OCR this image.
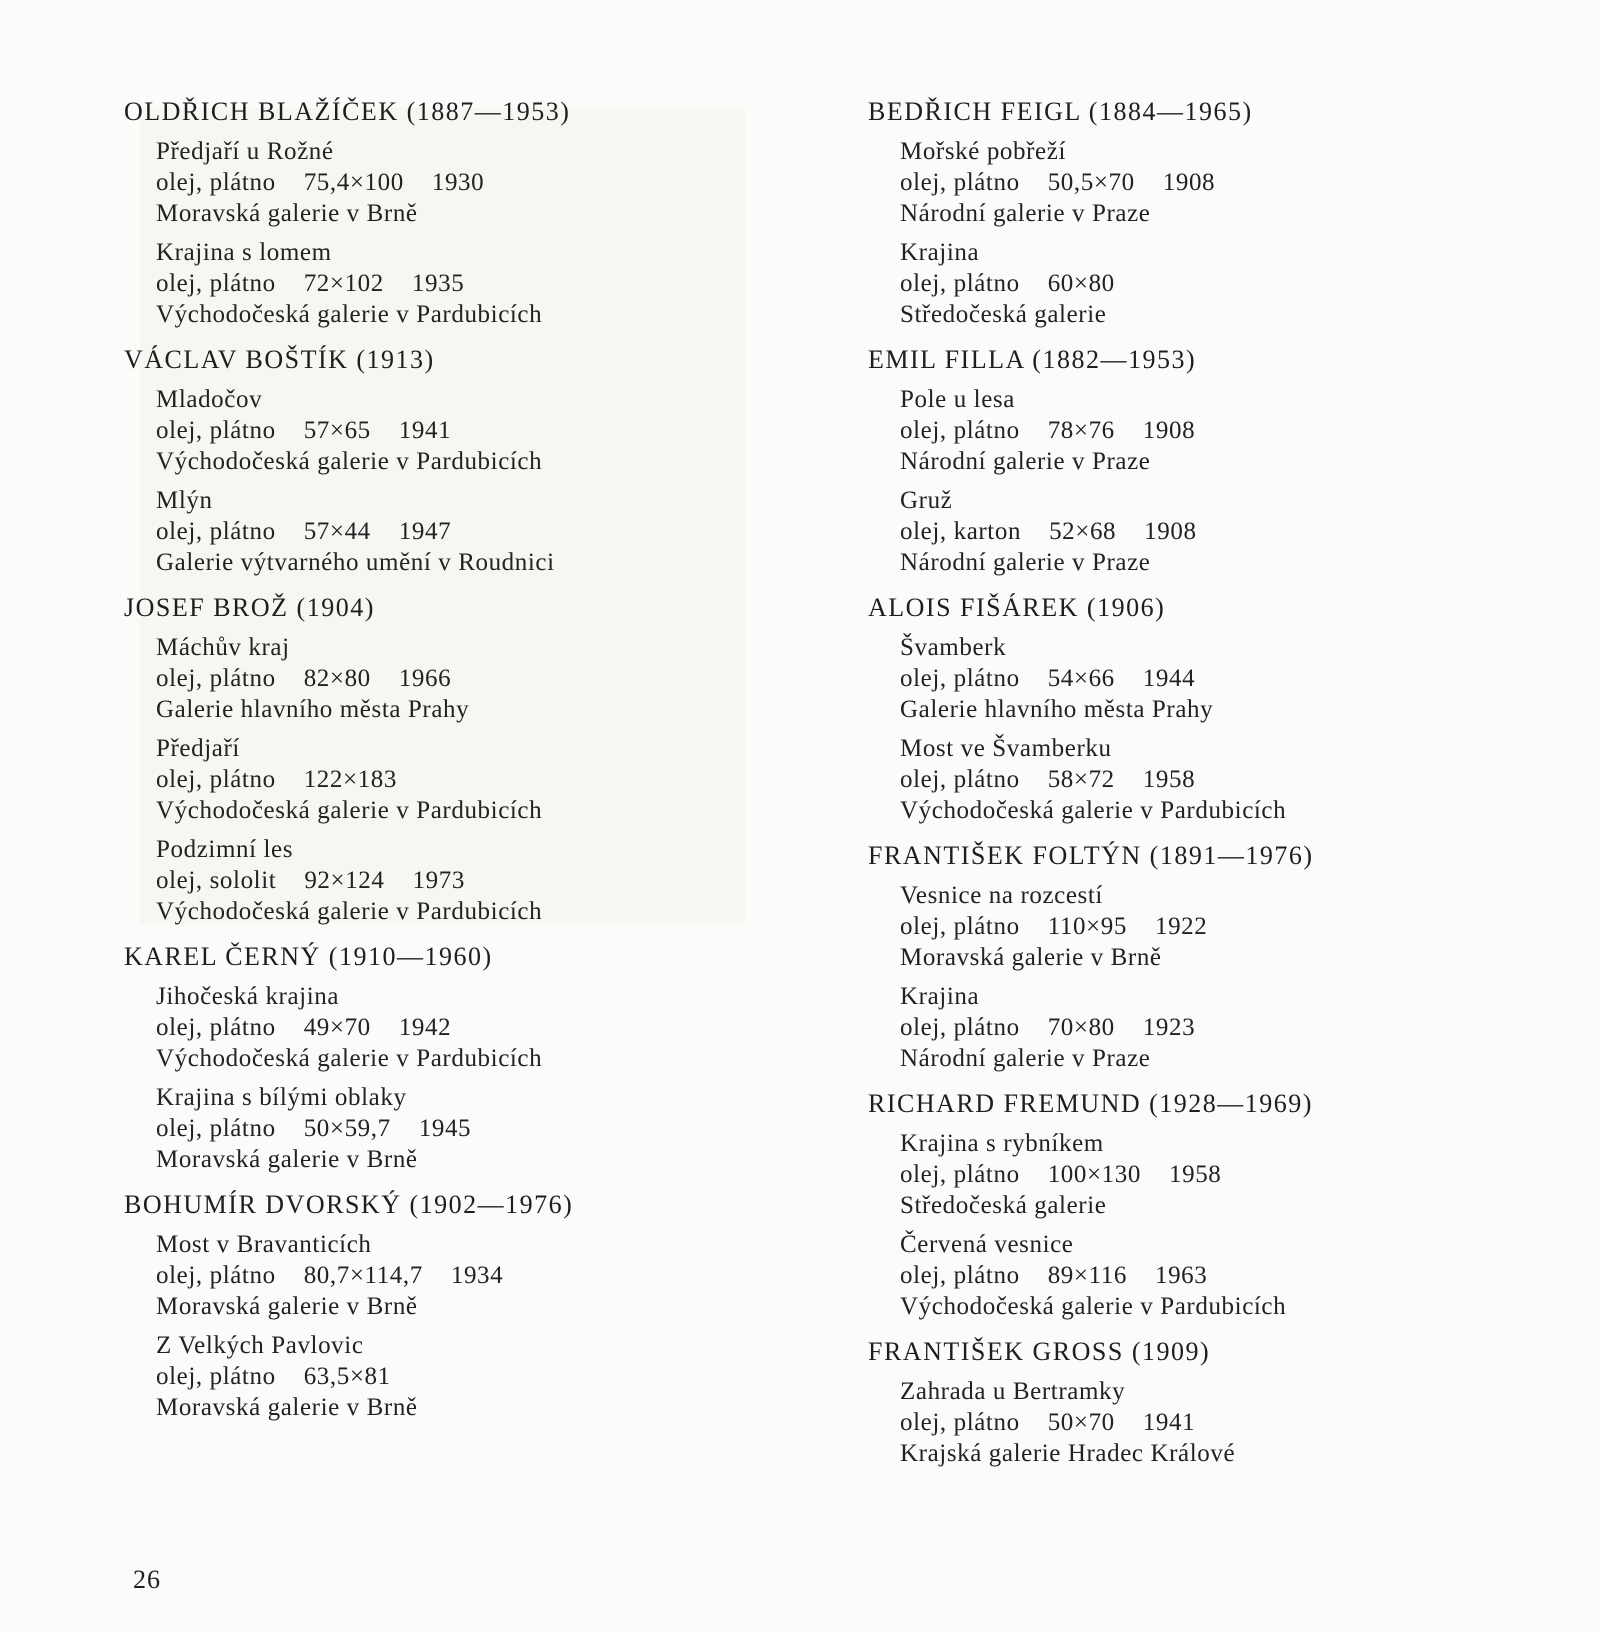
OLDŘICH BLAŽÍČEK (1887—1953)
Předjaří u Rožné
olej, plátno 75,4×100 1930
Moravská galerie v Brně
Krajina s lomem
olej, plátno 72×102 1935
Východočeská galerie v Pardubicích
VÁCLAV BOŠTÍK (1913)
Mladočov
olej, plátno 57×65 1941
Východočeská galerie v Pardubicích
Mlýn
olej, plátno 57×44 1947
Galerie výtvarného umění v Roudnici
JOSEF BROŽ (1904)
Máchův kraj
olej, plátno 82×80 1966
Galerie hlavního města Prahy
Předjaří
olej, plátno 122×183
Východočeská galerie v Pardubicích
Podzimní les
olej, sololit 92×124 1973
Východočeská galerie v Pardubicích
KAREL ČERNÝ (1910—1960)
Jihočeská krajina
olej, plátno 49×70 1942
Východočeská galerie v Pardubicích
Krajina s bílými oblaky
olej, plátno 50×59,7 1945
Moravská galerie v Brně
BOHUMÍR DVORSKÝ (1902—1976)
Most v Bravanticích
olej, plátno 80,7×114,7 1934
Moravská galerie v Brně
Z Velkých Pavlovic
olej, plátno 63,5×81
Moravská galerie v Brně
BEDŘICH FEIGL (1884—1965)
Mořské pobřeží
olej, plátno 50,5×70 1908
Národní galerie v Praze
Krajina
olej, plátno 60×80
Středočeská galerie
EMIL FILLA (1882—1953)
Pole u lesa
olej, plátno 78×76 1908
Národní galerie v Praze
Gruž
olej, karton 52×68 1908
Národní galerie v Praze
ALOIS FIŠÁREK (1906)
Švamberk
olej, plátno 54×66 1944
Galerie hlavního města Prahy
Most ve Švamberku
olej, plátno 58×72 1958
Východočeská galerie v Pardubicích
FRANTIŠEK FOLTÝN (1891—1976)
Vesnice na rozcestí
olej, plátno 110×95 1922
Moravská galerie v Brně
Krajina
olej, plátno 70×80 1923
Národní galerie v Praze
RICHARD FREMUND (1928—1969)
Krajina s rybníkem
olej, plátno 100×130 1958
Středočeská galerie
Červená vesnice
olej, plátno 89×116 1963
Východočeská galerie v Pardubicích
FRANTIŠEK GROSS (1909)
Zahrada u Bertramky
olej, plátno 50×70 1941
Krajská galerie Hradec Králové
26
